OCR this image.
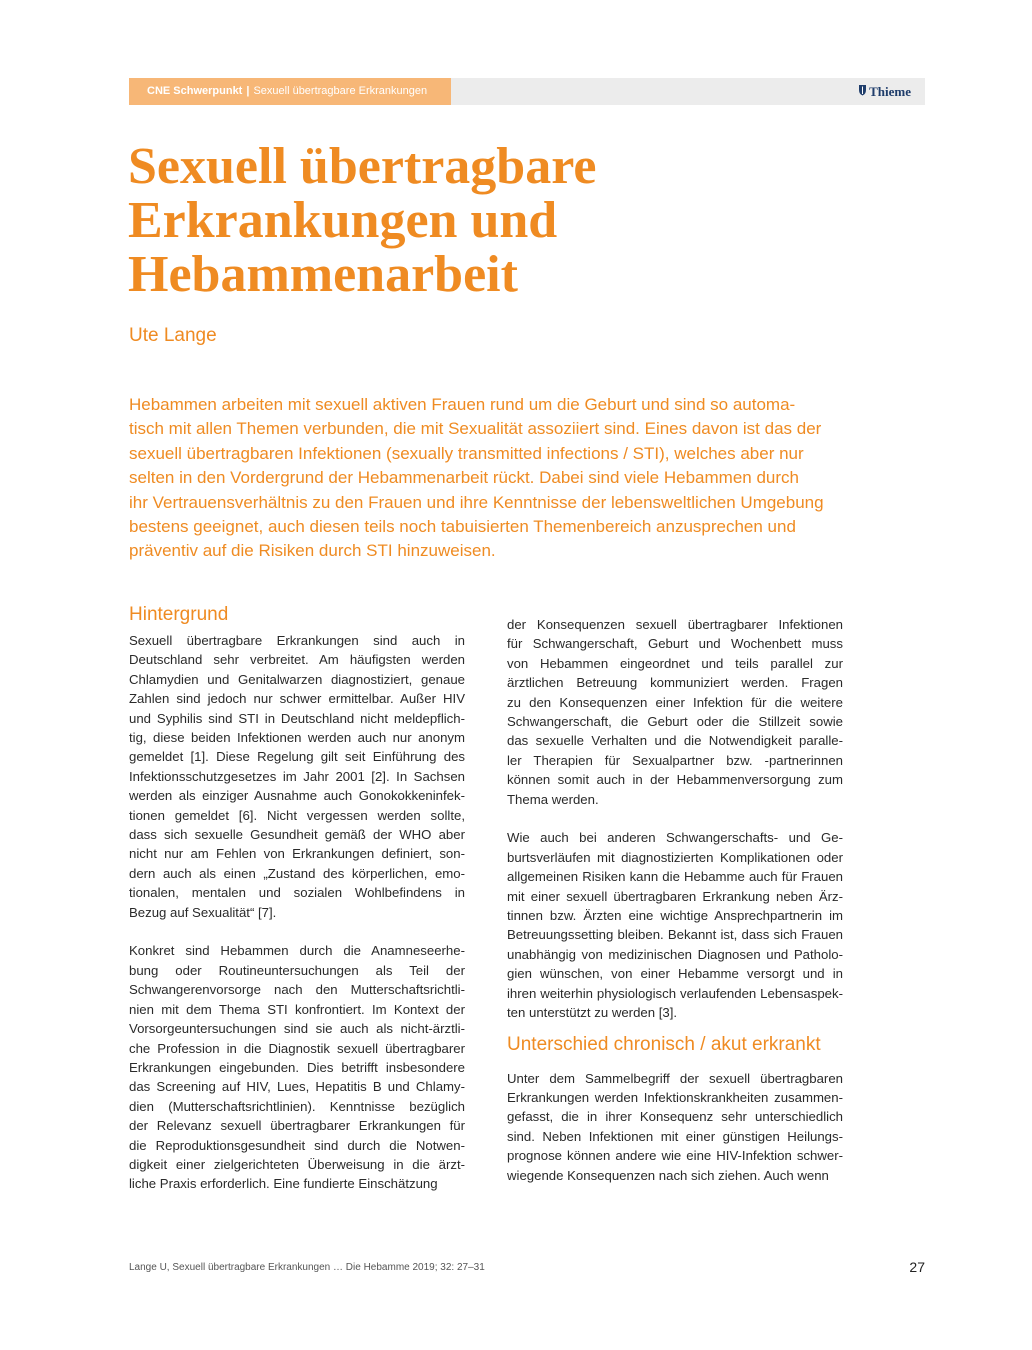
CNE Schwerpunkt | Sexuell übertragbare Erkrankungen	Thieme
Sexuell übertragbare
Erkrankungen und
Hebammenarbeit
Ute Lange
Hebammen arbeiten mit sexuell aktiven Frauen rund um die Geburt und sind so automa-
tisch mit allen Themen verbunden, die mit Sexualität assoziiert sind. Eines davon ist das der
sexuell übertragbaren Infektionen (sexually transmitted infections / STI), welches aber nur
selten in den Vordergrund der Hebammenarbeit rückt. Dabei sind viele Hebammen durch
ihr Vertrauensverhältnis zu den Frauen und ihre Kenntnisse der lebensweltlichen Umgebung
bestens geeignet, auch diesen teils noch tabuisierten Themenbereich anzusprechen und
präventiv auf die Risiken durch STI hinzuweisen.
Hintergrund

Sexuell übertragbare Erkrankungen sind auch in
Deutschland sehr verbreitet. Am häufigsten werden
Chlamydien und Genitalwarzen diagnostiziert, genaue
Zahlen sind jedoch nur schwer ermittelbar. Außer HIV
und Syphilis sind STI in Deutschland nicht meldepflich-
tig, diese beiden Infektionen werden auch nur anonym
gemeldet [1]. Diese Regelung gilt seit Einführung des
Infektionsschutzgesetzes im Jahr 2001 [2]. In Sachsen
werden als einziger Ausnahme auch Gonokokkeninfek-
tionen gemeldet [6]. Nicht vergessen werden sollte,
dass sich sexuelle Gesundheit gemäß der WHO aber
nicht nur am Fehlen von Erkrankungen definiert, son-
dern auch als einen „Zustand des körperlichen, emo-
tionalen, mentalen und sozialen Wohlbefindens in
Bezug auf Sexualität“ [7].

Konkret sind Hebammen durch die Anamneseerhe-
bung oder Routineuntersuchungen als Teil der
Schwangerenvorsorge nach den Mutterschaftsrichtli-
nien mit dem Thema STI konfrontiert. Im Kontext der
Vorsorgeuntersuchungen sind sie auch als nicht-ärztli-
che Profession in die Diagnostik sexuell übertragbarer
Erkrankungen eingebunden. Dies betrifft insbesondere
das Screening auf HIV, Lues, Hepatitis B und Chlamy-
dien (Mutterschaftsrichtlinien). Kenntnisse bezüglich
der Relevanz sexuell übertragbarer Erkrankungen für
die Reproduktionsgesundheit sind durch die Notwen-
digkeit einer zielgerichteten Überweisung in die ärzt-
liche Praxis erforderlich. Eine fundierte Einschätzung

der Konsequenzen sexuell übertragbarer Infektionen
für Schwangerschaft, Geburt und Wochenbett muss
von Hebammen eingeordnet und teils parallel zur
ärztlichen Betreuung kommuniziert werden. Fragen
zu den Konsequenzen einer Infektion für die weitere
Schwangerschaft, die Geburt oder die Stillzeit sowie
das sexuelle Verhalten und die Notwendigkeit paralle-
ler Therapien für Sexualpartner bzw. -partnerinnen
können somit auch in der Hebammenversorgung zum
Thema werden.

Wie auch bei anderen Schwangerschafts- und Ge-
burtsverläufen mit diagnostizierten Komplikationen oder
allgemeinen Risiken kann die Hebamme auch für Frauen
mit einer sexuell übertragbaren Erkrankung neben Ärz-
tinnen bzw. Ärzten eine wichtige Ansprechpartnerin im
Betreuungssetting bleiben. Bekannt ist, dass sich Frauen
unabhängig von medizinischen Diagnosen und Patholo-
gien wünschen, von einer Hebamme versorgt und in
ihren weiterhin physiologisch verlaufenden Lebensaspek-
ten unterstützt zu werden [3].

Unterschied chronisch / akut erkrankt

Unter dem Sammelbegriff der sexuell übertragbaren
Erkrankungen werden Infektionskrankheiten zusammen-
gefasst, die in ihrer Konsequenz sehr unterschiedlich
sind. Neben Infektionen mit einer günstigen Heilungs-
prognose können andere wie eine HIV-Infektion schwer-
wiegende Konsequenzen nach sich ziehen. Auch wenn

Lange U, Sexuell übertragbare Erkrankungen … Die Hebamme 2019; 32: 27–31	27
